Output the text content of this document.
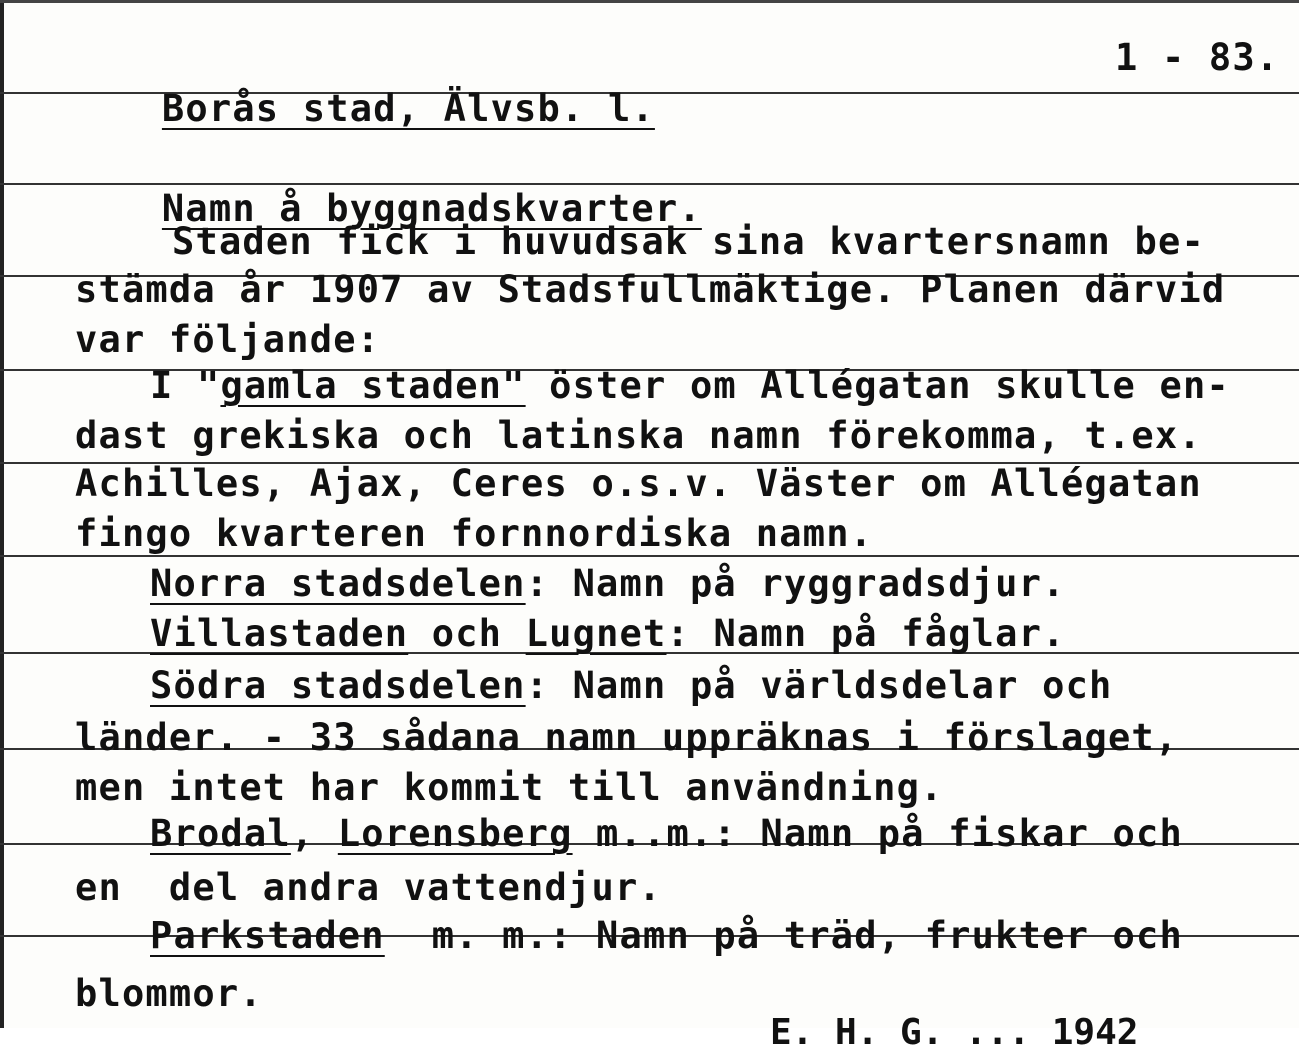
Borås stad, Älvsb. l.

1 - 83.

Namn å byggnadskvarter.

Staden fick i huvudsak sina kvartersnamn be-
stämda år 1907 av Stadsfullmäktige. Planen därvid
var följande:
I "gamla staden" öster om Allégatan skulle en-
dast grekiska och latinska namn förekomma, t.ex.
Achilles, Ajax, Ceres o.s.v. Väster om Allégatan
fingo kvarteren fornnordiska namn.
Norra stadsdelen: Namn på ryggradsdjur.
Villastaden och Lugnet: Namn på fåglar.
Södra stadsdelen: Namn på världsdelar och
länder. - 33 sådana namn uppräknas i förslaget,
men intet har kommit till användning.
Brodal, Lorensberg m..m.: Namn på fiskar och
en  del andra vattendjur.
Parkstaden  m. m.: Namn på träd, frukter och
blommor.
E. H. G. ... 1942
